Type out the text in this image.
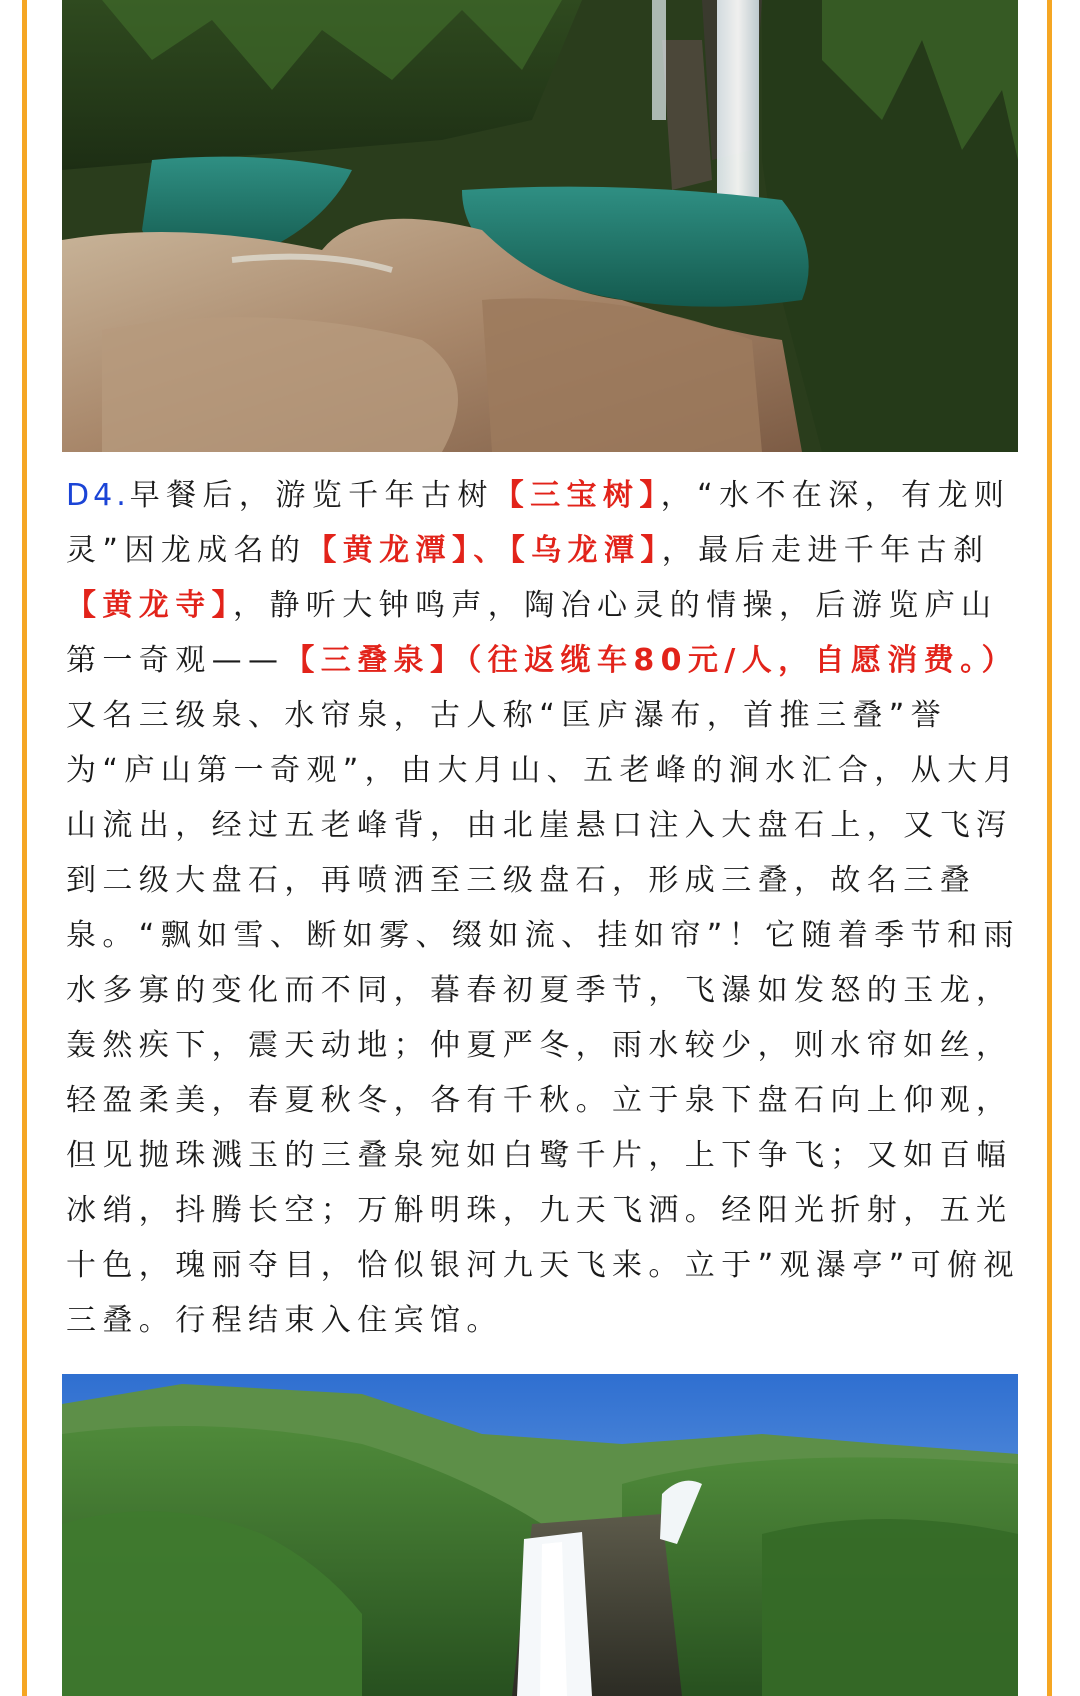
D4.早餐后，游览千年古树【三宝树】，“水不在深，有龙则灵”因龙成名的【黄龙潭】、【乌龙潭】，最后走进千年古刹【黄龙寺】，静听大钟鸣声，陶冶心灵的情操，后游览庐山第一奇观——【三叠泉】（往返缆车80元/人，自愿消费。）又名三级泉、水帘泉，古人称“匡庐瀑布，首推三叠”誉为“庐山第一奇观”，由大月山、五老峰的涧水汇合，从大月山流出，经过五老峰背，由北崖悬口注入大盘石上，又飞泻到二级大盘石，再喷洒至三级盘石，形成三叠，故名三叠泉。“飘如雪、断如雾、缀如流、挂如帘”！它随着季节和雨水多寡的变化而不同，暮春初夏季节，飞瀑如发怒的玉龙，轰然疾下，震天动地；仲夏严冬，雨水较少，则水帘如丝，轻盈柔美，春夏秋冬，各有千秋。立于泉下盘石向上仰观，但见抛珠溅玉的三叠泉宛如白鹭千片，上下争飞；又如百幅冰绡，抖腾长空；万斛明珠，九天飞洒。经阳光折射，五光十色，瑰丽夺目，恰似银河九天飞来。立于”观瀑亭”可俯视三叠。行程结束入住宾馆。
